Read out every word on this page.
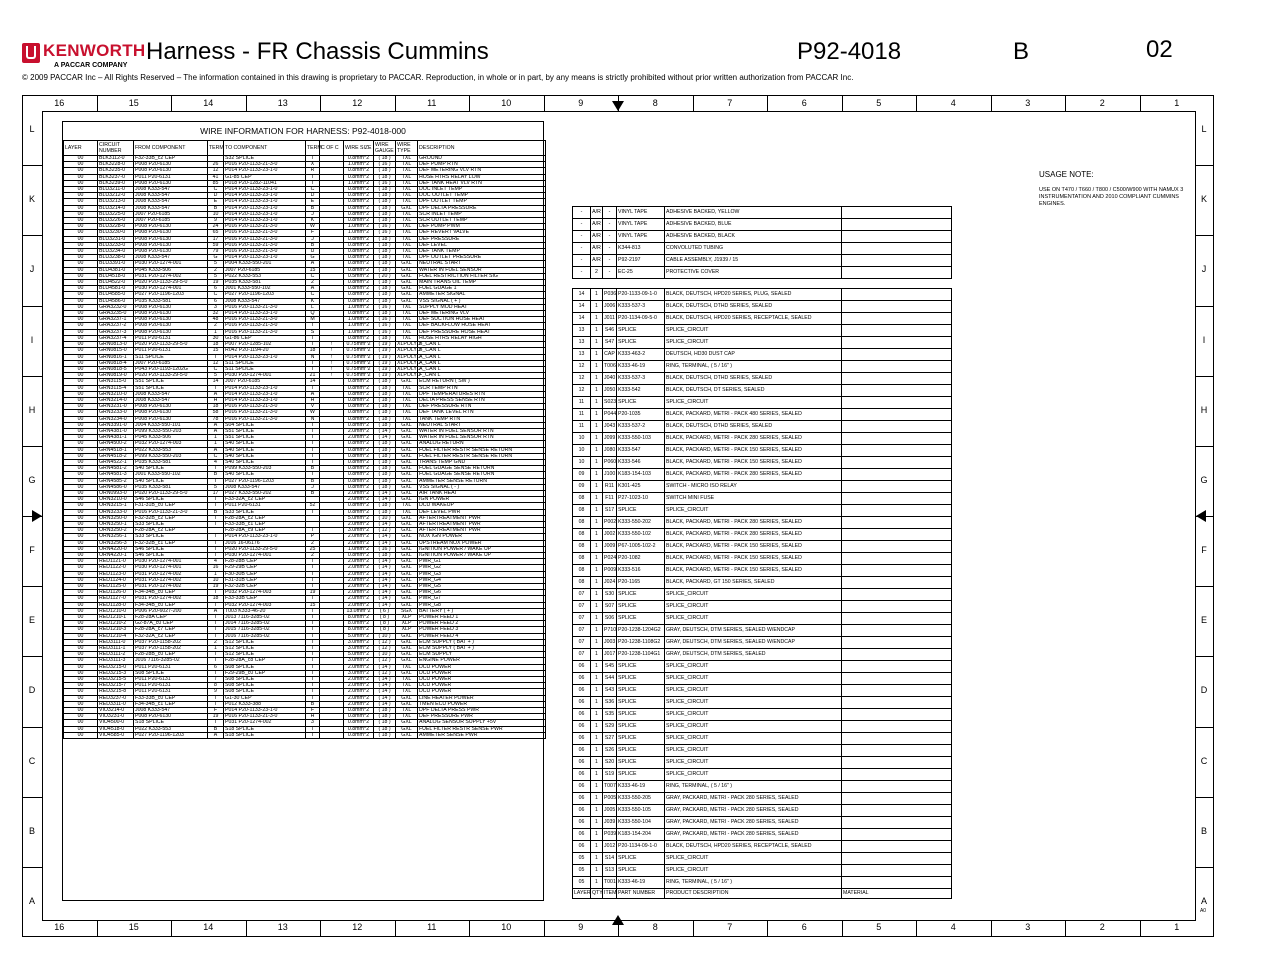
KENWORTH
A PACCAR COMPANY
Harness - FR Chassis Cummins	P92-4018	B	02
© 2009 PACCAR Inc – All Rights Reserved – The information contained in this drawing is proprietary to PACCAR. Reproduction, in whole or in part, by any means is strictly prohibited without prior written authorization from PACCAR Inc.
16
16
15
15
14
14
13
13
12
12
11
11
10
10
9
9
8
8
7
7
6
6
5
5
4
4
3
3
2
2
1
1
L	L
K	K
J	J
I	I
H	H
G	G
F	F
E	E
D	D
C	C
B	B
A	A
WIRE INFORMATION FOR HARNESS: P92-4018-000
LAYER	CIRCUIT NUMBER	FROM COMPONENT	TERM	TO COMPONENT	TERM	C OF C	WIRE SIZE	WIRE GAUGE	WIRE TYPE	DESCRIPTION
00	BLK3112-0	F32-33B_c2 CEP		S32 SPLICE	I		0.8mm^2	( 18 )	TXL	GROUND
00	BLK3228-0	P008 P20-6130	26	P016 P20-1133-21-3-0	X		1.0mm^2	( 16 )	TXL	DEF PUMP RTN
00	BLK3235-0	P008 P20-6130	12	P014 P20-1133-23-1-0	R		0.8mm^2	( 18 )	TXL	DEF METERING VLV RTN
00	BLK3237-0	P011 P20-6131	41	G1-85 CEP	I		0.8mm^2	( 18 )	TXL	HOSE HTRS RELAY LOW
00	BLK3239-0	P008 P20-6130	85	P018 P20-1282-11041	I		1.0mm^2	( 16 )	TXL	DEF TANK HEAT VLV RTN
00	BLU3211-0	J008 K333-547	C	P014 P20-1133-23-1-0	C		0.8mm^2	( 18 )	TXL	DOC INLET TEMP
00	BLU3212-0	J008 K333-547	D	P014 P20-1133-23-1-0	D		0.8mm^2	( 18 )	TXL	DOC OUTLET TEMP
00	BLU3213-0	J008 K333-547	E	P014 P20-1133-23-1-0	E		0.8mm^2	( 18 )	TXL	DPF OUTLET TEMP
00	BLU3214-0	J008 K333-547	B	P014 P20-1133-23-1-0	B		0.8mm^2	( 18 )	GXL	DPF DELTA PRESSURE
00	BLU3225-0	J007 P20-6185	10	P014 P20-1133-23-1-0	J		0.8mm^2	( 18 )	TXL	SCR INLET TEMP
00	BLU3226-0	J007 P20-6185	9	P014 P20-1133-23-1-0	K		0.8mm^2	( 18 )	TXL	SCR OUTLET TEMP
00	BLU3228-0	P008 P20-6130	24	P016 P20-1133-21-3-0	W		1.0mm^2	( 16 )	TXL	DEF PUMP PWM
00	BLU3230-0	P008 P20-6130	65	P016 P20-1133-21-3-0	F		1.0mm^2	( 16 )	TXL	DEF REVERT VALVE
00	BLU3231-0	P008 P20-6130	17	P016 P20-1133-21-3-0	J		0.8mm^2	( 18 )	TXL	DEF PRESSURE
00	BLU3233-0	P008 P20-6130	59	P016 P20-1133-21-3-0	B		0.8mm^2	( 18 )	TXL	DEF LEVEL
00	BLU3234-0	P008 P20-6130	79	P016 P20-1133-21-3-0	U		0.8mm^2	( 18 )	TXL	DEF TANK TEMP
00	BLU3238-0	J008 K333-547	G	P014 P20-1133-23-1-0	G		0.8mm^2	( 18 )	TXL	DPF OUTLET PRESSURE
00	BLU3391-0	P030 P20-1274-001	5	P004 K333-550-201	A		0.8mm^2	( 18 )	GXL	NEUTRAL START
00	BLU4381-0	P045 K333-506	2	J007 P20-6185	15		0.8mm^2	( 18 )	GXL	WATER IN FUEL SENSOR
00	BLU4518-0	P031 P20-1274-002	5	P022 K333-553	C		0.5mm^2	( 20 )	GXL	FUEL RESTRICTION FILTER SIG
00	BLU4522-0	P020 P20-1133-29-5-0	19	P035 K333-581	2		0.8mm^2	( 18 )	GXL	MAIN TRANS OIL TEMP
00	BLU4581-0	P030 P20-1274-001	6	J001 K333-550-102	A		0.8mm^2	( 18 )	GXL	FUEL GUAGE 1
00	BLU4585-0	P027 P20-1196-1203	C	P027 P20-1196-1203	C		0.8mm^2	( 18 )	GXL	AMMETER SIGNAL
00	BLU4586-0	P035 K333-581	6	J008 K333-547	K		0.8mm^2	( 18 )	GXL	VSS SIGNAL ( + )
00	GRA3232-0	P008 P20-6130	3	P016 P20-1133-21-3-0	L		1.0mm^2	( 16 )	TXL	SUPPLY MOD HEAT
00	GRA3235-0	P008 P20-6130	32	P014 P20-1133-23-1-0	Q		0.8mm^2	( 18 )	TXL	DEF METERING VLV
00	GRA3237-1	P008 P20-6130	48	P016 P20-1133-21-3-0	M		1.0mm^2	( 16 )	TXL	DEF SUCTION HOSE HEAT
00	GRA3237-2	P008 P20-6130	2	P016 P20-1133-21-3-0	I		1.0mm^2	( 16 )	TXL	DEF BACKFLOW HOSE HEAT
00	GRA3237-3	P008 P20-6130	1	P016 P20-1133-21-3-0	S		1.0mm^2	( 16 )	TXL	DEF PRESSURE HOSE HEAT
00	GRA3237-4	P011 P20-6131	30	G1-86 CEP	I		0.8mm^2	( 18 )	TXL	HOSE HTRS RELAY HIGH
00	GRN0813-0	P020 P20-1133-29-5-0	18	P007 P20-1285-102	I	!	0.75mm^2	( 19 )	XLPOLYO	B_CAN L
00	GRN0815-0	P011 P20-6131	15	R042 P20-1194-20	18	!	0.75mm^2	( 19 )	XLPOLYO	B_CAN L
00	GRN0816-1	S11 SPLICE	I	P014 P20-1133-23-1-0	N	!	0.75mm^2	( 19 )	XLPOLYO	A_CAN L
00	GRN0818-4	J007 P20-6185	12	S11 SPLICE	I	!	0.75mm^2	( 19 )	XLPOLYO	A_CAN L
00	GRN0818-5	P043 P20-1193-1202G	C	S11 SPLICE	I	!	0.75mm^2	( 19 )	XLPOLYO	A_CAN L
00	GRN0819-0	P020 P20-1133-29-5-0	5	P030 P20-1274-001	21	!	0.75mm^2	( 19 )	XLPOLYO	F_CAN L
00	GRN3115-0	S51 SPLICE	14	J007 P20-6185	14		0.8mm^2	( 18 )	GXL	ECM RETURN ( SW )
00	GRN3115-4	S51 SPLICE	I	P014 P20-1133-23-1-0	I		0.8mm^2	( 18 )	TXL	SCR TEMP RTN
00	GRN3210-0	J008 K333-547	A	P014 P20-1133-23-1-0	A		0.8mm^2	( 18 )	TXL	DPF TEMPERATURES RTN
00	GRN3214-0	J008 K333-547	H	P014 P20-1133-23-1-0	H		0.8mm^2	( 18 )	TXL	DELTA PRESS SENSE RTN
00	GRN3231-0	P008 P20-6130	18	P016 P20-1133-21-3-0	V		0.8mm^2	( 18 )	TXL	DEF PRESSURE RTN
00	GRN3233-0	P008 P20-6130	58	P016 P20-1133-21-3-0	W		0.8mm^2	( 18 )	TXL	DEF TANK LEVEL RTN
00	GRN3234-0	P008 P20-6130	78	P016 P20-1133-21-3-0	N		0.8mm^2	( 18 )	TXL	TANK TEMP RTN
00	GRN3391-0	J004 K333-550-101	A	S04 SPLICE	I		0.8mm^2	( 18 )	GXL	NEUTRAL START
00	GRN4381-0	P099 K333-550-203	A	S51 SPLICE	I		2.0mm^2	( 14 )	GXL	WATER IN FUEL SENSOR RTN
00	GRN4381-1	P045 K333-506	1	S51 SPLICE	I		2.0mm^2	( 14 )	GXL	WATER IN FUEL SENSOR RTN
00	GRN4500-2	P032 P20-1274-003	1	S40 SPLICE	I		0.8mm^2	( 18 )	GXL	ANALOG RETURN
00	GRN4518-1	P022 K333-553	A	S40 SPLICE	I		0.8mm^2	( 18 )	GXL	FUEL FILTER RESTR SENSE RETURN
00	GRN4518-2	P099 K333-550-203	C	S40 SPLICE	I		0.8mm^2	( 18 )	GXL	FUEL FILTER RESTR SENSE RETURN
00	GRN4522-1	P035 K333-581	4	S40 SPLICE	I		0.8mm^2	( 18 )	GXL	TRANS TEMP GND
00	GRN4581-2	S40 SPLICE	I	P099 K333-550-203	B		0.8mm^2	( 18 )	GXL	FUEL GUAGE SENSE RETURN
00	GRN4581-3	J001 K333-550-102	B	S40 SPLICE	I		0.8mm^2	( 18 )	GXL	FUEL GUAGE SENSE RETURN
00	GRN4585-2	S40 SPLICE	I	P027 P20-1196-1203	B		0.8mm^2	( 18 )	GXL	AMMETER SENSE RETURN
00	GRN4586-0	P035 K333-581	5	J008 K333-547	J		0.8mm^2	( 18 )	GXL	VSS SIGNAL ( - )
00	ORN0993-0	P020 P20-1133-29-5-0	17	P027 K333-550-202	B		2.0mm^2	( 14 )	GXL	AIR TANK HEAT
00	ORN3210-0	S46 SPLICE	I	F33-32A_c2 CEP			2.0mm^2	( 14 )	GXL	IGN POWER
00	ORN3215-1	F31-31B_c0 CEP	I	P011 P20-6131	52		0.8mm^2	( 18 )	TXL	DCU WAKEUP
00	ORN3233-0	P016 P20-1133-21-3-0	B	S33 SPLICE	I		0.8mm^2	( 18 )	TXL	DEF LEVEL PWR
00	ORN3250-0	F32-32B_c2 CEP	I	F28-28A_c2 CEP			5.0mm^2	( 10 )	GXL	AFTERTREATMENT PWR
00	ORN3250-1	S33 SPLICE	I	F33-33B_c1 CEP			2.0mm^2	( 14 )	GXL	AFTERTREATMENT PWR
00	ORN3250-2	F28-28A_c2 CEP		F28-28A_c9 CEP	I		3.0mm^2	( 12 )	GXL	AFTERTREATMENT PWR
00	ORN3256-1	S33 SPLICE	I	P014 P20-1133-23-1-0	P		2.0mm^2	( 14 )	GXL	NOX IGN POWER
00	ORN3256-3	F32-32B_c1 CEP	I	J016 16-06176	2		2.0mm^2	( 14 )	GXL	UPSTREAM NOX POWER
00	ORN4220-0	S46 SPLICE	I	P020 P20-1133-29-5-0	25		1.0mm^2	( 16 )	GXL	IGNITION POWER / WAKE UP
00	ORN4220-1	S46 SPLICE	I	P030 P20-1274-001	2		0.8mm^2	( 18 )	GXL	IGNITION POWER / WAKE UP
00	RED1121-0	P030 P20-1274-001	4	F28-28B CEP	I		2.0mm^2	( 14 )	GXL	PWR_G1
00	RED1122-0	P030 P20-1274-001	16	F29-29B CEP	I		2.0mm^2	( 14 )	GXL	PWR_G2
00	RED1123-0	P031 P20-1274-002	1	F30-30B CEP	I		2.0mm^2	( 14 )	GXL	PWR_G3
00	RED1124-0	P031 P20-1274-002	10	F31-31B CEP	I		2.0mm^2	( 14 )	GXL	PWR_G4
00	RED1125-0	P031 P20-1274-002	19	F32-32B CEP	I		2.0mm^2	( 14 )	GXL	PWR_G5
00	RED1126-0	F34-34B_c0 CEP	I	P032 P20-1274-003	19		2.0mm^2	( 14 )	GXL	PWR_G6
00	RED1127-0	P031 P20-1274-002	18	F33-33B CEP	I		2.0mm^2	( 14 )	GXL	PWR_G7
00	RED1128-0	F34-34B_c0 CEP	I	P032 P20-1274-003	15		2.0mm^2	( 14 )	GXL	PWR_G8
00	RED1210-0	P006 P20-6027-200	A	T003 K333-46-20	I		13.0mm^2	( 6 )	SGX	BATTERY ( + )
00	RED1210-1	F28-28A CEP	I	J013 7116-3285-02	I		8.0mm^2	( 8 )	XLP	POWER FEED 1
00	RED1210-2	G2-87A_c0 CEP	I	J014 7116-3285-02	I		8.0mm^2	( 8 )	XLP	POWER FEED 2
00	RED1210-3	F28-28A_c7 CEP	I	J015 7116-3285-02	I		8.0mm^2	( 8 )	XLP	POWER FEED 3
00	RED1210-4	F32-32A_c2 CEP	I	J016 7116-3285-02	I		5.0mm^2	( 10 )	GXL	POWER FEED 4
00	RED3111-0	P037 P20-1158-202	2	S12 SPLICE	I		3.0mm^2	( 12 )	GXL	ECM SUPPLY ( BAT + )
00	RED3111-1	P037 P20-1158-202	1	S12 SPLICE	I		3.0mm^2	( 12 )	GXL	ECM SUPPLY ( BAT + )
00	RED3111-2	F28-28B_c0 CEP	I	S12 SPLICE	I		5.0mm^2	( 10 )	GXL	ECM SUPPLY
00	RED3111-3	J016 7116-3285-02	I	F28-28A_c8 CEP	I		3.0mm^2	( 12 )	GXL	ENGINE POWER
00	RED3215-0	P011 P20-6131	6	S08 SPLICE	I		2.0mm^2	( 14 )	TXL	DCU POWER
00	RED3215-3	S08 SPLICE	I	F29-29B_c0 CEP	I		3.0mm^2	( 12 )	GXL	DCU POWER
00	RED3215-5	P011 P20-6131	7	S08 SPLICE	I		2.0mm^2	( 14 )	TXL	DCU POWER
00	RED3215-7	P011 P20-6131	8	S08 SPLICE	I		2.0mm^2	( 14 )	TXL	DCU POWER
00	RED3215-8	P011 P20-6131	9	S08 SPLICE	I		2.0mm^2	( 14 )	TXL	DCU POWER
00	RED3237-0	F33-33B_c0 CEP	I	G1-30 CEP	I		2.0mm^2	( 14 )	GXL	LINE HEATER POWER
00	RED3311-0	F34-34B_c1 CEP	I	P012 K333-388	B		2.0mm^2	( 14 )	GXL	TMEN ECU POWER
00	VIO3214-0	J008 K333-547	F	P014 P20-1133-23-1-0	F		0.8mm^2	( 18 )	TXL	DPF DELTA PRESS PWR
00	VIO3231-0	P008 P20-6130	19	P016 P20-1133-21-3-0	H		0.8mm^2	( 18 )	TXL	DEF PRESSURE PWR
00	VIO4500-0	S18 SPLICE	I	P031 P20-1274-002	3		0.8mm^2	( 18 )	GXL	ANALOG SENSOR SUPPLY +5V
00	VIO4518-0	P022 K333-553	B	S18 SPLICE	I		0.8mm^2	( 18 )	GXL	FUEL FILTER RESTR SENSE PWR
00	VIO4585-0	P027 P20-1196-1203	A	S18 SPLICE	I		0.8mm^2	( 18 )	GXL	AMMETER SENSE PWR
-	A/R	-	VINYL TAPE	ADHESIVE BACKED, YELLOW	
-	A/R	-	VINYL TAPE	ADHESIVE BACKED, BLUE	
-	A/R	-	VINYL TAPE	ADHESIVE BACKED, BLACK	
-	A/R	-	K344-813	CONVOLUTED TUBING	
-	A/R	-	P92-2197	CABLE ASSEMBLY, J1939 / 15	
-	2	-	EC-25	PROTECTIVE COVER	

14	1	P036	P20-1133-09-1-0	BLACK, DEUTSCH, HPD20 SERIES, PLUG, SEALED	
14	1	J006	K333-537-3	BLACK, DEUTSCH, DTHD SERIES, SEALED	
14	1	J011	P20-1134-09-5-0	BLACK, DEUTSCH, HPD20 SERIES, RECEPTACLE, SEALED	
13	1	S46	SPLICE	SPLICE_CIRCUIT	
13	1	S47	SPLICE	SPLICE_CIRCUIT	
13	1	CAP	K333-463-2	DEUTSCH, HD30 DUST CAP	
12	1	T006	K333-46-19	RING, TERMINAL, ( 5 / 16" )	
12	1	J040	K333-537-3	BLACK, DEUTSCH, DTHD SERIES, SEALED	
12	1	J050	K333-542	BLACK, DEUTSCH, DT SERIES, SEALED	
11	1	S023	SPLICE	SPLICE_CIRCUIT	
11	1	P044	P20-1035	BLACK, PACKARD, METRI - PACK 480 SERIES, SEALED	
11	1	J043	K333-537-2	BLACK, DEUTSCH, DTHD SERIES, SEALED	
10	1	J099	K333-550-103	BLACK, PACKARD, METRI - PACK 280 SERIES, SEALED	
10	1	J080	K333-547	BLACK, PACKARD, METRI - PACK 150 SERIES, SEALED	
10	1	P060	K333-546	BLACK, PACKARD, METRI - PACK 150 SERIES, SEALED	
09	1	J100	K183-154-103	BLACK, PACKARD, METRI - PACK 280 SERIES, SEALED	
09	1	R11	K301-425	SWITCH - MICRO ISO RELAY	
08	1	F11	P27-1023-10	SWITCH MINI FUSE	
08	1	S17	SPLICE	SPLICE_CIRCUIT	
08	1	P002	K333-550-202	BLACK, PACKARD, METRI - PACK 280 SERIES, SEALED	
08	1	J002	K333-550-102	BLACK, PACKARD, METRI - PACK 280 SERIES, SEALED	
08	1	J009	P67-1005-102-2	BLACK, PACKARD, METRI - PACK 150 SERIES, SEALED	
08	1	P024	P20-1082	BLACK, PACKARD, METRI - PACK 150 SERIES, SEALED	
08	1	P009	K333-516	BLACK, PACKARD, METRI - PACK 150 SERIES, SEALED	
08	1	J024	P20-1165	BLACK, PACKARD, GT 150 SERIES, SEALED	
07	1	S30	SPLICE	SPLICE_CIRCUIT	
07	1	S07	SPLICE	SPLICE_CIRCUIT	
07	1	S06	SPLICE	SPLICE_CIRCUIT	
07	1	P710	P20-1238-1204G2	GRAY, DEUTSCH, DTM SERIES, SEALED W/ENDCAP	
07	1	J003	P20-1238-1108G2	GRAY, DEUTSCH, DTM SERIES, SEALED W/ENDCAP	
07	1	J017	P20-1238-1104G1	GRAY, DEUTSCH, DTM SERIES, SEALED	
06	1	S45	SPLICE	SPLICE_CIRCUIT	
06	1	S44	SPLICE	SPLICE_CIRCUIT	
06	1	S43	SPLICE	SPLICE_CIRCUIT	
06	1	S36	SPLICE	SPLICE_CIRCUIT	
06	1	S35	SPLICE	SPLICE_CIRCUIT	
06	1	S29	SPLICE	SPLICE_CIRCUIT	
06	1	S27	SPLICE	SPLICE_CIRCUIT	
06	1	S26	SPLICE	SPLICE_CIRCUIT	
06	1	S20	SPLICE	SPLICE_CIRCUIT	
06	1	S19	SPLICE	SPLICE_CIRCUIT	
06	1	T007	K333-46-19	RING, TERMINAL, ( 5 / 16" )	
06	1	P005	K333-550-205	GRAY, PACKARD, METRI - PACK 280 SERIES, SEALED	
06	1	J005	K333-550-105	GRAY, PACKARD, METRI - PACK 280 SERIES, SEALED	
06	1	J039	K333-550-104	GRAY, PACKARD, METRI - PACK 280 SERIES, SEALED	
06	1	P039	K183-154-204	GRAY, PACKARD, METRI - PACK 280 SERIES, SEALED	
06	1	J012	P20-1134-09-1-0	BLACK, DEUTSCH, HPD20 SERIES, RECEPTACLE, SEALED	
05	1	S14	SPLICE	SPLICE_CIRCUIT	
05	1	S13	SPLICE	SPLICE_CIRCUIT	
05	1	T001	K333-46-19	RING, TERMINAL, ( 5 / 16" )	
LAYER	QTY	ITEM	PART NUMBER	PRODUCT DESCRIPTION	MATERIAL
USAGE NOTE:
USE ON T470 / T660 / T800 / C500/W900 WITH NAMUX 3 INSTRUMENTATION AND 2010 COMPLIANT CUMMINS ENGINES.
A0
